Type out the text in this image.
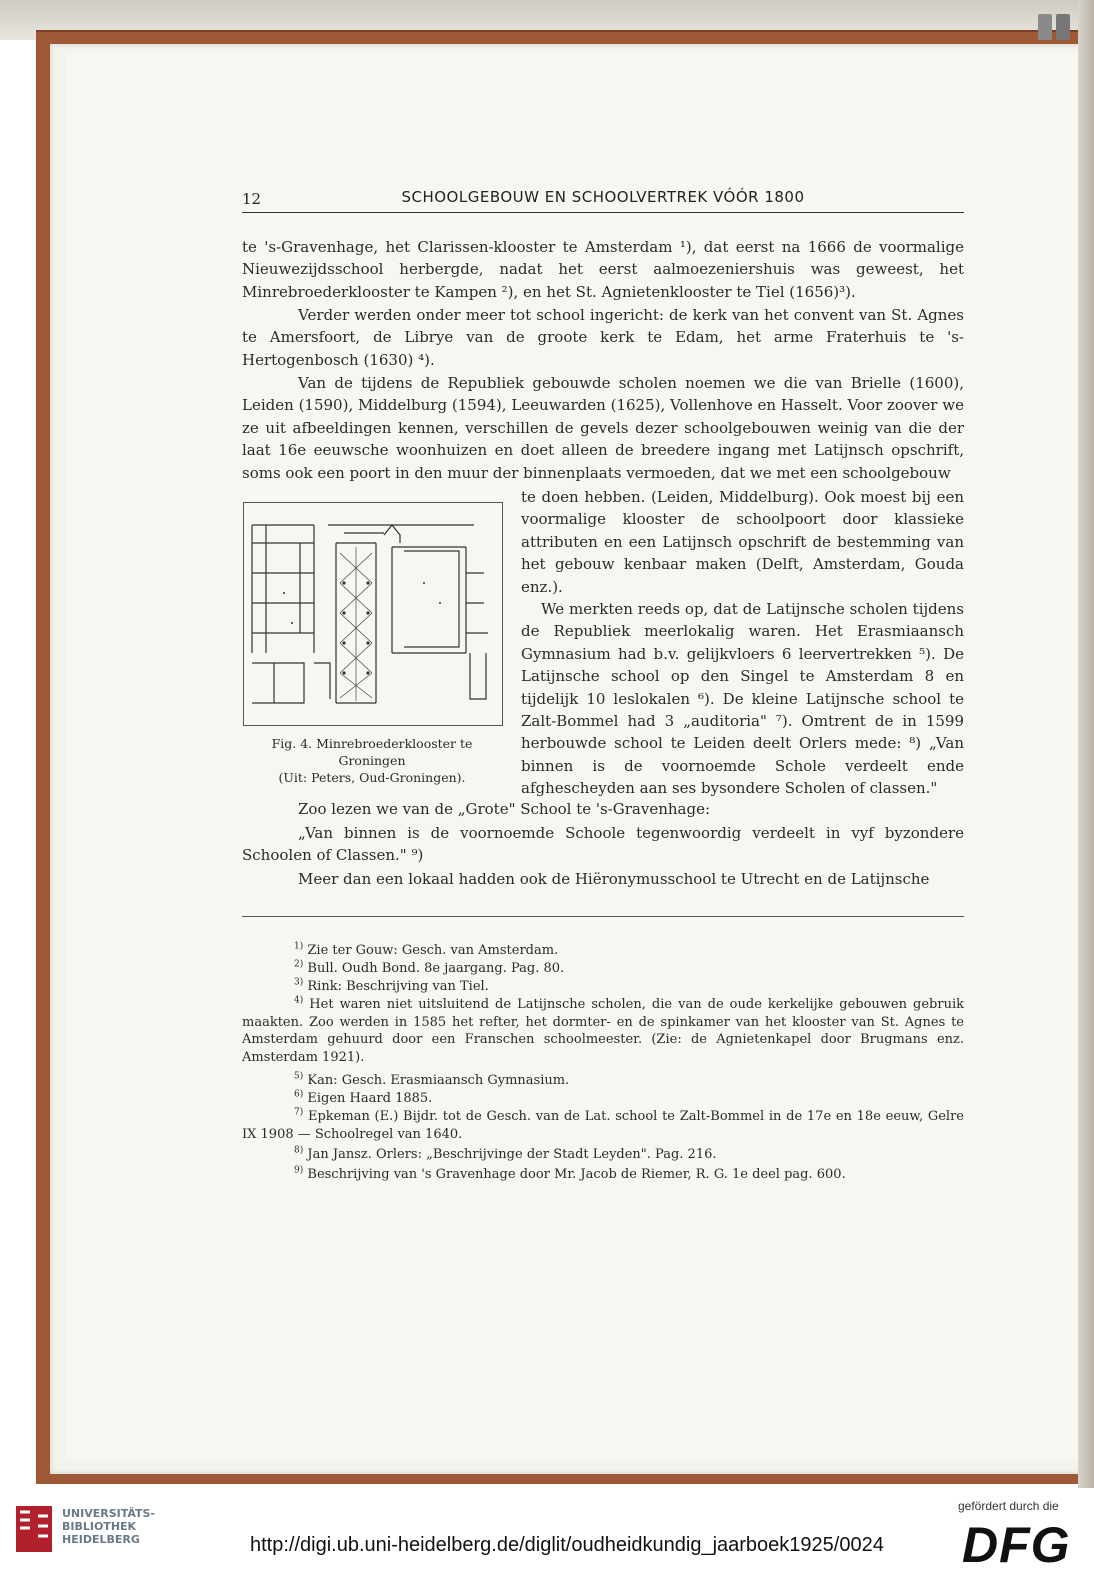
12	SCHOOLGEBOUW EN SCHOOLVERTREK VÓÓR 1800
te 's-Gravenhage, het Clarissen-klooster te Amsterdam ¹), dat eerst na 1666 de voormalige Nieuwezijdsschool herbergde, nadat het eerst aalmoezeniershuis was geweest, het Minrebroederklooster te Kampen ²), en het St. Agnietenklooster te Tiel (1656)³).
Verder werden onder meer tot school ingericht: de kerk van het convent van St. Agnes te Amersfoort, de Librye van de groote kerk te Edam, het arme Fraterhuis te 's-Hertogenbosch (1630) ⁴).
Van de tijdens de Republiek gebouwde scholen noemen we die van Brielle (1600), Leiden (1590), Middelburg (1594), Leeuwarden (1625), Vollenhove en Hasselt. Voor zoover we ze uit afbeeldingen kennen, verschillen de gevels dezer schoolgebouwen weinig van die der laat 16e eeuwsche woonhuizen en doet alleen de breedere ingang met Latijnsch opschrift, soms ook een poort in den muur der binnenplaats vermoeden, dat we met een schoolgebouw
te doen hebben. (Leiden, Middelburg). Ook moest bij een voormalige klooster de schoolpoort door klassieke attributen en een Latijnsch opschrift de bestemming van het gebouw kenbaar maken (Delft, Amsterdam, Gouda enz.).
We merkten reeds op, dat de Latijnsche scholen tijdens de Republiek meerlokalig waren. Het Erasmiaansch Gymnasium had b.v. gelijkvloers 6 leervertrekken ⁵). De Latijnsche school op den Singel te Amsterdam 8 en tijdelijk 10 leslokalen ⁶). De kleine Latijnsche school te Zalt-Bommel had 3 „auditoria" ⁷). Omtrent de in 1599 herbouwde school te Leiden deelt Orlers mede: ⁸) „Van binnen is de voornoemde Schole verdeelt ende afghescheyden aan ses bysondere Scholen of classen."
Fig. 4. Minrebroederklooster te
Groningen
(Uit: Peters, Oud-Groningen).
Zoo lezen we van de „Grote" School te 's-Gravenhage:
„Van binnen is de voornoemde Schoole tegenwoordig verdeelt in vyf byzondere Schoolen of Classen." ⁹)
Meer dan een lokaal hadden ook de Hiëronymusschool te Utrecht en de Latijnsche
$^{1)}$ Zie ter Gouw: Gesch. van Amsterdam.
$^{2)}$ Bull. Oudh Bond. 8e jaargang. Pag. 80.
$^{3)}$ Rink: Beschrijving van Tiel.
$^{4)}$ Het waren niet uitsluitend de Latijnsche scholen, die van de oude kerkelijke gebouwen gebruik maakten. Zoo werden in 1585 het refter, het dormter- en de spinkamer van het klooster van St. Agnes te Amsterdam gehuurd door een Franschen schoolmeester. (Zie: de Agnietenkapel door Brugmans enz. Amsterdam 1921).
$^{5)}$ Kan: Gesch. Erasmiaansch Gymnasium.
$^{6)}$ Eigen Haard 1885.
$^{7)}$ Epkeman (E.) Bijdr. tot de Gesch. van de Lat. school te Zalt-Bommel in de 17e en 18e eeuw, Gelre IX 1908 — Schoolregel van 1640.
$^{8)}$ Jan Jansz. Orlers: „Beschrijvinge der Stadt Leyden". Pag. 216.
$^{9)}$ Beschrijving van 's Gravenhage door Mr. Jacob de Riemer, R. G. 1e deel pag. 600.
UNIVERSITÄTS-
BIBLIOTHEK
HEIDELBERG	http://digi.ub.uni-heidelberg.de/diglit/oudheidkundig_jaarboek1925/0024
gefördert durch die
DFG
